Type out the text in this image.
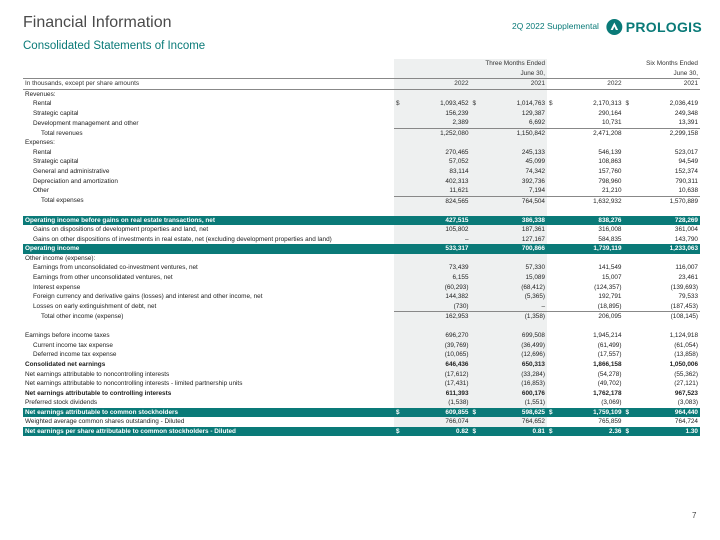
Financial Information
Consolidated Statements of Income
2Q 2022 Supplemental PROLOGIS
	Three Months Ended				Six Months Ended			
	June 30,				June 30,			
In thousands, except per share amounts		2022		2021		2022		2021
Revenues:								
Rental	$	1,093,452	$	1,014,763	$	2,170,313	$	2,036,419
Strategic capital		156,239		129,387		290,164		249,348
Development management and other		2,389		6,692		10,731		13,391
Total revenues		1,252,080		1,150,842		2,471,208		2,299,158
Expenses:								
Rental		270,465		245,133		546,139		523,017
Strategic capital		57,052		45,099		108,863		94,549
General and administrative		83,114		74,342		157,760		152,374
Depreciation and amortization		402,313		392,736		798,960		790,311
Other		11,621		7,194		21,210		10,638
Total expenses		824,565		764,504		1,632,932		1,570,889

Operating income before gains on real estate transactions, net		427,515		386,338		838,276		728,269
Gains on dispositions of development properties and land, net		105,802		187,361		316,008		361,004
Gains on other dispositions of investments in real estate, net (excluding development properties and land)		–		127,167		584,835		143,790
Operating income		533,317		700,866		1,739,119		1,233,063
Other income (expense):								
Earnings from unconsolidated co-investment ventures, net		73,439		57,330		141,549		116,007
Earnings from other unconsolidated ventures, net		6,155		15,089		15,007		23,461
Interest expense		(60,293)		(68,412)		(124,357)		(139,693)
Foreign currency and derivative gains (losses) and interest and other income, net		144,382		(5,365)		192,791		79,533
Losses on early extinguishment of debt, net		(730)		–		(18,895)		(187,453)
Total other income (expense)		162,953		(1,358)		206,095		(108,145)

Earnings before income taxes		696,270		699,508		1,945,214		1,124,918
Current income tax expense		(39,769)		(36,499)		(61,499)		(61,054)
Deferred income tax expense		(10,065)		(12,696)		(17,557)		(13,858)
Consolidated net earnings		646,436		650,313		1,866,158		1,050,006
Net earnings attributable to noncontrolling interests		(17,612)		(33,284)		(54,278)		(55,362)
Net earnings attributable to noncontrolling interests - limited partnership units		(17,431)		(16,853)		(49,702)		(27,121)
Net earnings attributable to controlling interests		611,393		600,176		1,762,178		967,523
Preferred stock dividends		(1,538)		(1,551)		(3,069)		(3,083)
Net earnings attributable to common stockholders	$	609,855	$	598,625	$	1,759,109	$	964,440
Weighted average common shares outstanding - Diluted		766,074		764,652		765,859		764,724
Net earnings per share attributable to common stockholders - Diluted	$	0.82	$	0.81	$	2.36	$	1.30
7
